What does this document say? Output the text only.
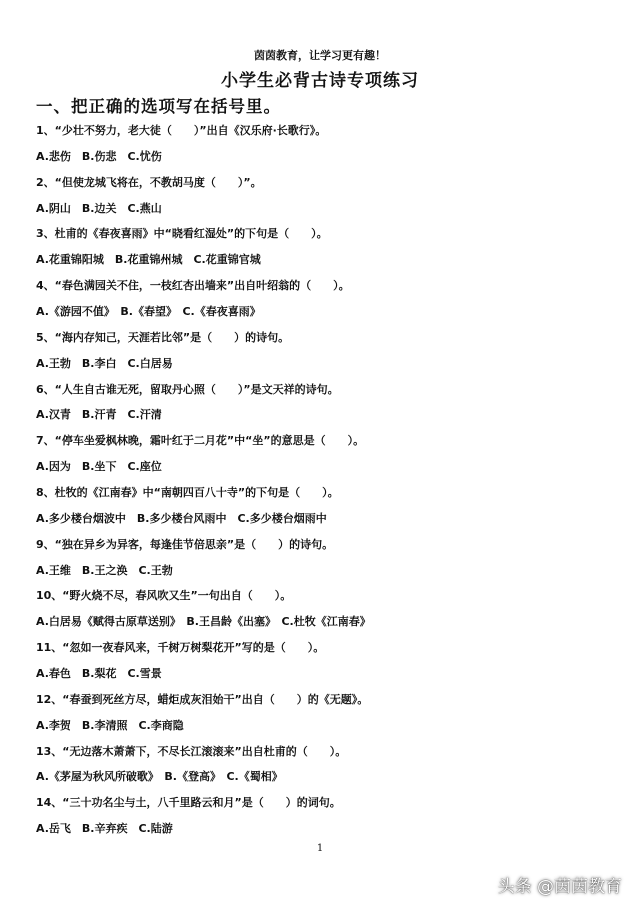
茵茵教育，让学习更有趣！
小学生必背古诗专项练习
一、把正确的选项写在括号里。
1、“少壮不努力，老大徒（　　）”出自《汉乐府·长歌行》。
A.悲伤　B.伤悲　C.忧伤
2、“但使龙城飞将在，不教胡马度（　　）”。
A.阴山　B.边关　C.燕山
3、杜甫的《春夜喜雨》中“晓看红湿处”的下句是（　　）。
A.花重锦阳城　B.花重锦州城　C.花重锦官城
4、“春色满园关不住，一枝红杏出墙来”出自叶绍翁的（　　）。
A.《游园不值》　B.《春望》　C.《春夜喜雨》
5、“海内存知己，天涯若比邻”是（　　）的诗句。
A.王勃　B.李白　C.白居易
6、“人生自古谁无死，留取丹心照（　　）”是文天祥的诗句。
A.汉青　B.汗青　C.汗清
7、“停车坐爱枫林晚，霜叶红于二月花”中“坐”的意思是（　　）。
A.因为　B.坐下　C.座位
8、杜牧的《江南春》中“南朝四百八十寺”的下句是（　　）。
A.多少楼台烟波中　B.多少楼台风雨中　C.多少楼台烟雨中
9、“独在异乡为异客，每逢佳节倍思亲”是（　　）的诗句。
A.王维　B.王之涣　C.王勃
10、“野火烧不尽，春风吹又生”一句出自（　　）。
A.白居易《赋得古原草送别》　B.王昌龄《出塞》　C.杜牧《江南春》
11、“忽如一夜春风来，千树万树梨花开”写的是（　　）。
A.春色　B.梨花　C.雪景
12、“春蚕到死丝方尽，蜡炬成灰泪始干”出自（　　）的《无题》。
A.李贺　B.李清照　C.李商隐
13、“无边落木萧萧下，不尽长江滚滚来”出自杜甫的（　　）。
A.《茅屋为秋风所破歌》　B.《登高》　C.《蜀相》
14、“三十功名尘与土，八千里路云和月”是（　　）的词句。
A.岳飞　B.辛弃疾　C.陆游
1
头条 @茵茵教育
